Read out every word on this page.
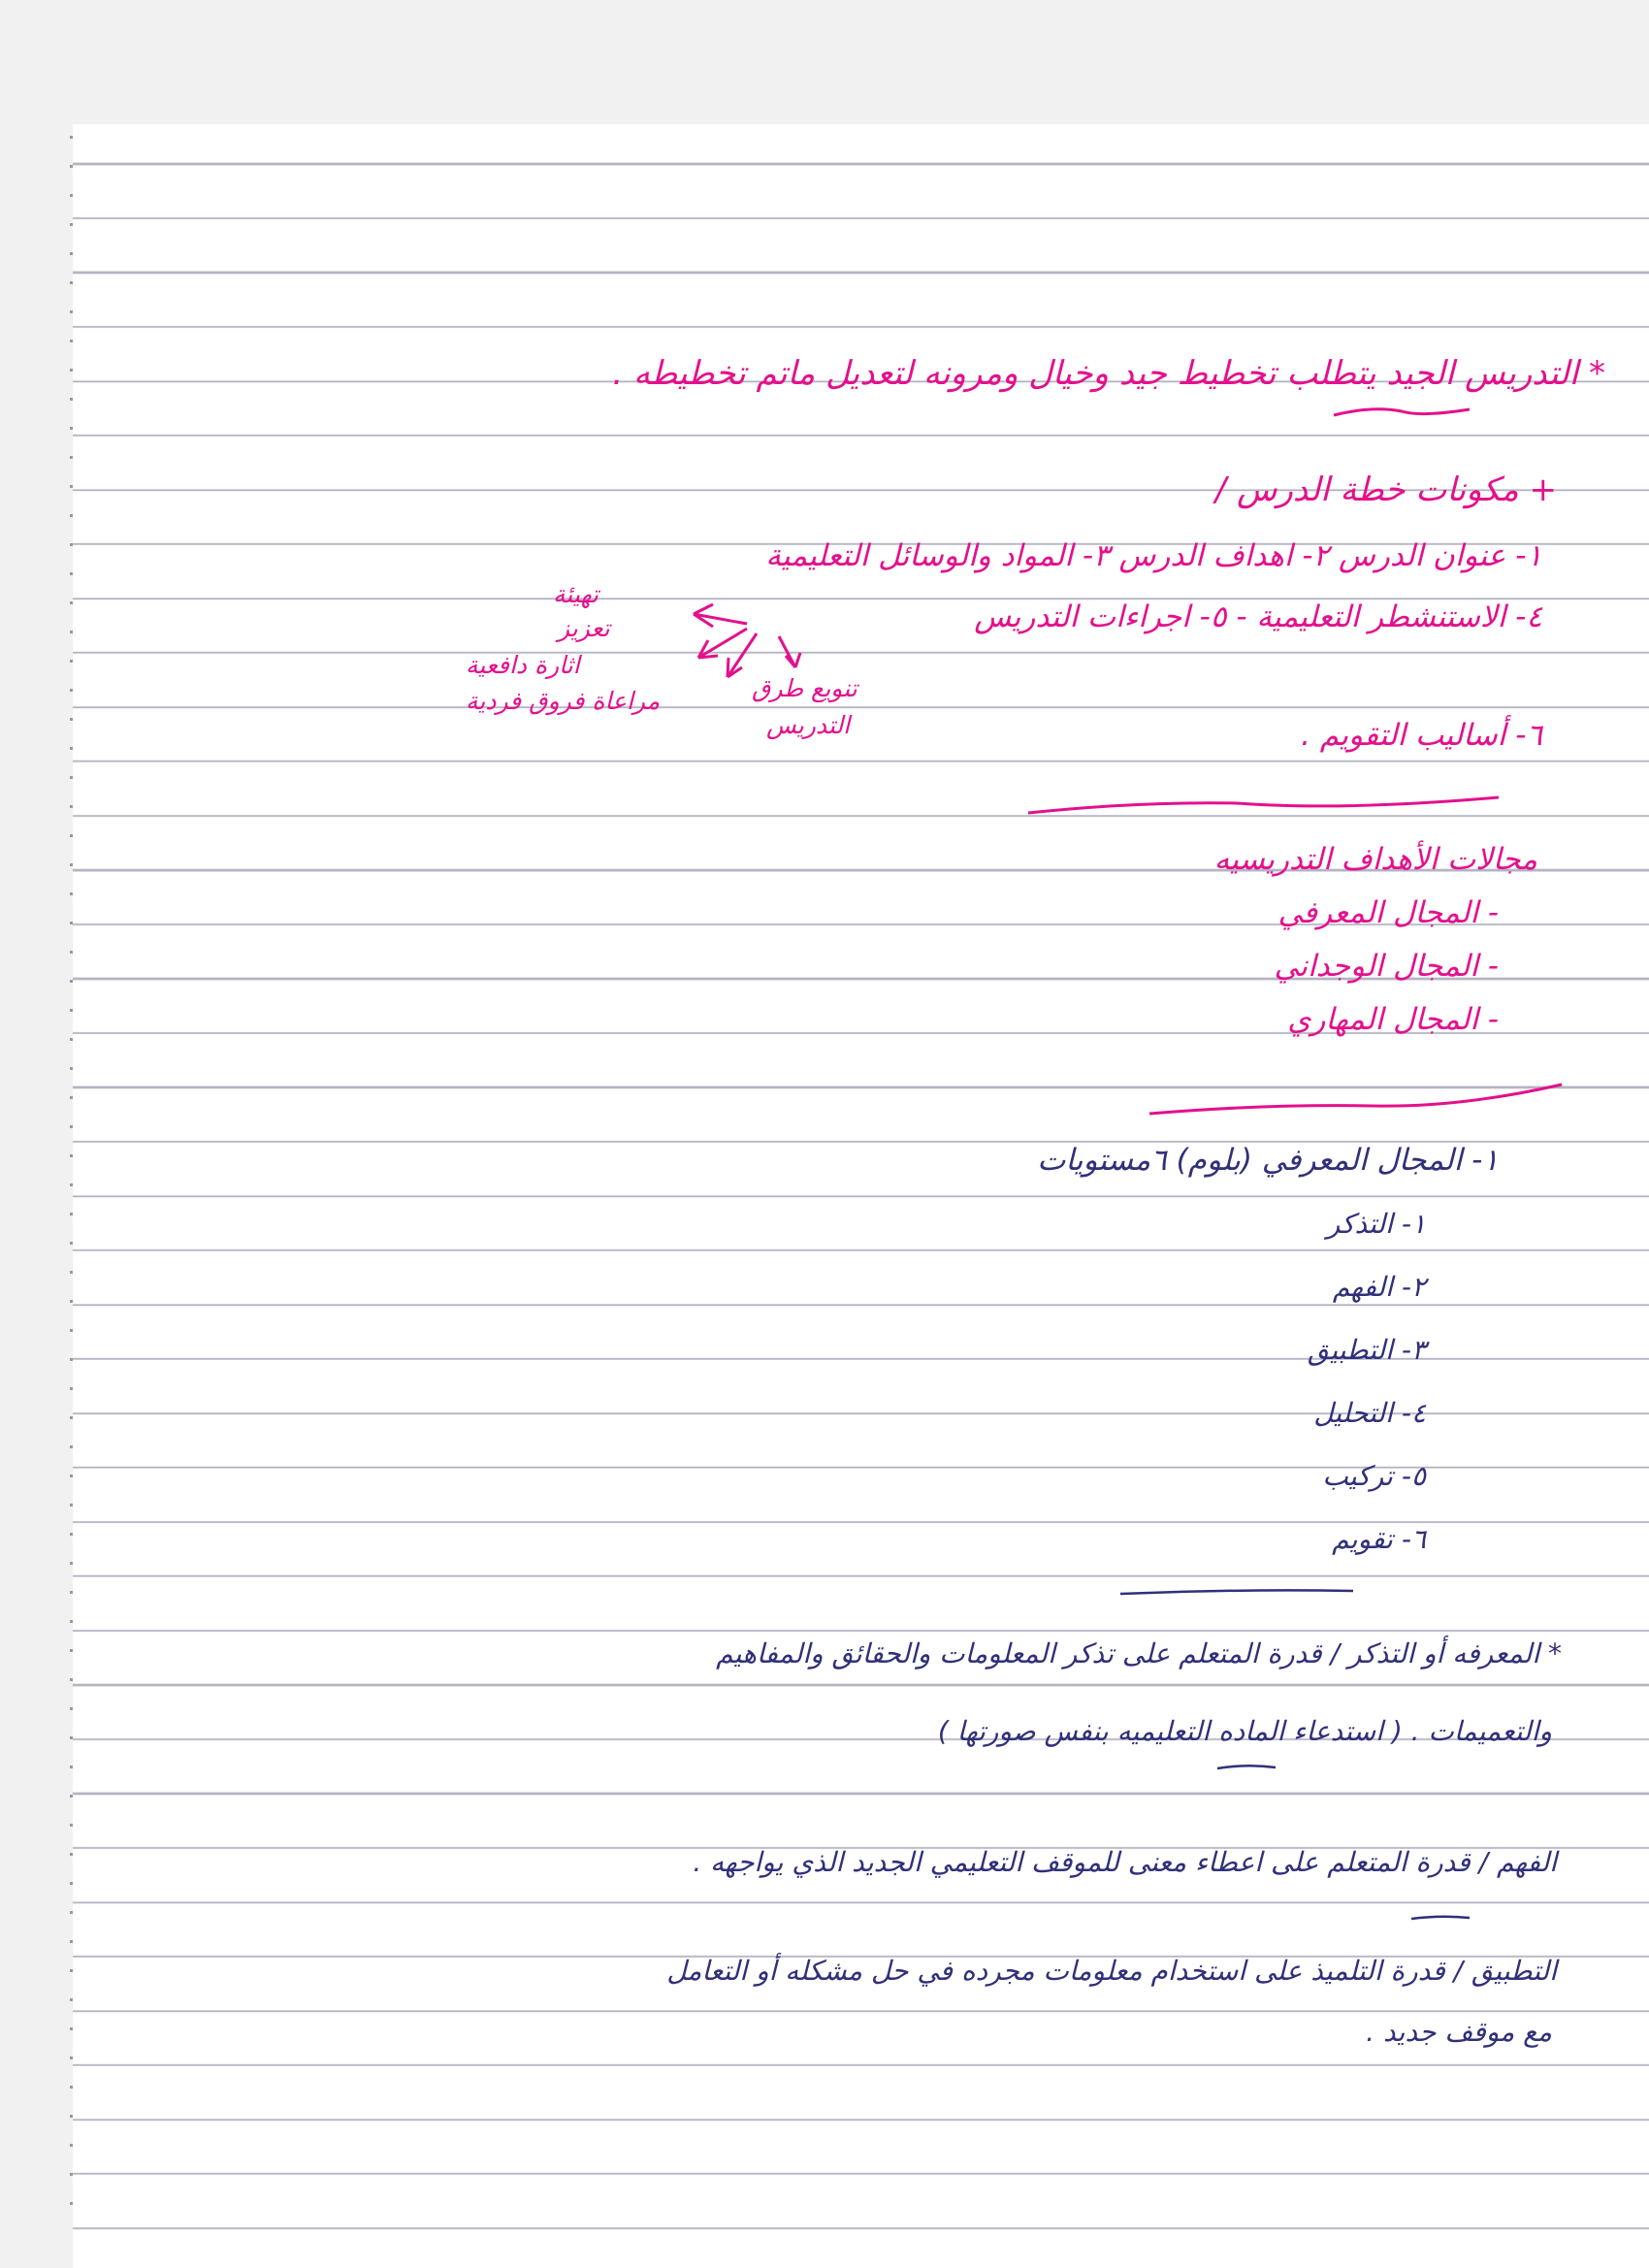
* التدريس الجيد يتطلب تخطيط جيد وخيال ومرونه لتعديل ماتم تخطيطه .
+ مكونات خطة الدرس /
١- عنوان الدرس ٢- اهداف الدرس ٣- المواد والوسائل التعليمية
٤- الاستنشطر التعليمية - ٥- اجراءات التدريس
تهيئة
تعزيز
اثارة دافعية
مراعاة فروق فردية	تنويع طرق
التدريس	٦- أساليب التقويم .
مجالات الأهداف التدريسيه
- المجال المعرفي
- المجال الوجداني
- المجال المهاري
١- المجال المعرفي (بلوم) ٦مستويات
١- التذكر
٢- الفهم
٣- التطبيق
٤- التحليل
٥- تركيب
٦- تقويم
* المعرفه أو التذكر / قدرة المتعلم على تذكر المعلومات والحقائق والمفاهيم
والتعميمات . ( استدعاء الماده التعليميه بنفس صورتها )
الفهم / قدرة المتعلم على اعطاء معنى للموقف التعليمي الجديد الذي يواجهه .
التطبيق / قدرة التلميذ على استخدام معلومات مجرده في حل مشكله أو التعامل
مع موقف جديد .
